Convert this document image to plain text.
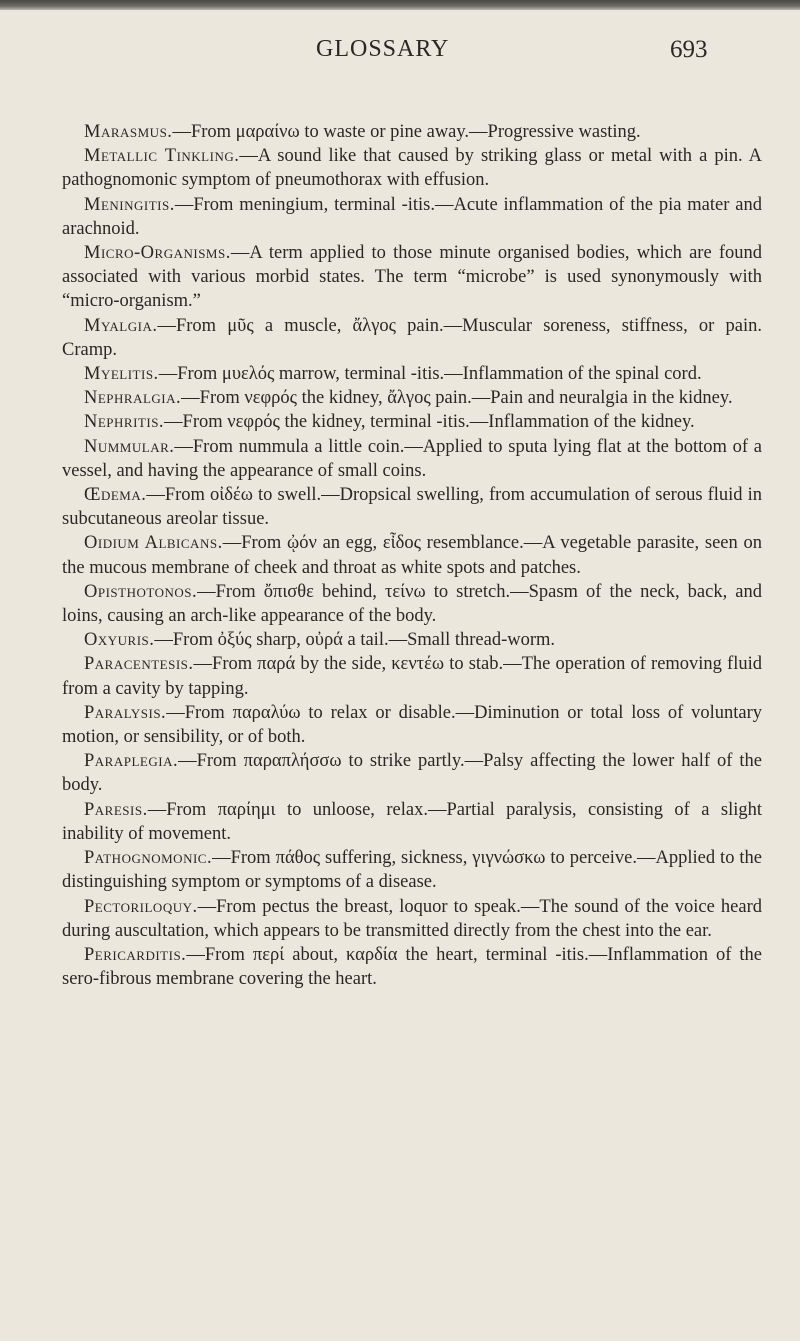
GLOSSARY	693

Marasmus.—From μαραίνω to waste or pine away.—Progressive wasting.

Metallic Tinkling.—A sound like that caused by striking glass or metal with a pin. A pathognomonic symptom of pneumothorax with effusion.

Meningitis.—From meningium, terminal -itis.—Acute inflammation of the pia mater and arachnoid.

Micro-Organisms.—A term applied to those minute organised bodies, which are found associated with various morbid states. The term “microbe” is used synonymously with “micro-organism.”

Myalgia.—From μῦς a muscle, ἄλγος pain.—Muscular soreness, stiffness, or pain. Cramp.

Myelitis.—From μυελός marrow, terminal -itis.—Inflammation of the spinal cord.

Nephralgia.—From νεφρός the kidney, ἄλγος pain.—Pain and neuralgia in the kidney.

Nephritis.—From νεφρός the kidney, terminal -itis.—Inflammation of the kidney.

Nummular.—From nummula a little coin.—Applied to sputa lying flat at the bottom of a vessel, and having the appearance of small coins.

Œdema.—From οἰδέω to swell.—Dropsical swelling, from accumulation of serous fluid in subcutaneous areolar tissue.

Oidium Albicans.—From ᾠόν an egg, εἶδος resemblance.—A vegetable parasite, seen on the mucous membrane of cheek and throat as white spots and patches.

Opisthotonos.—From ὄπισθε behind, τείνω to stretch.—Spasm of the neck, back, and loins, causing an arch-like appearance of the body.

Oxyuris.—From ὀξύς sharp, οὐρά a tail.—Small thread-worm.

Paracentesis.—From παρά by the side, κεντέω to stab.—The operation of removing fluid from a cavity by tapping.

Paralysis.—From παραλύω to relax or disable.—Diminution or total loss of voluntary motion, or sensibility, or of both.

Paraplegia.—From παραπλήσσω to strike partly.—Palsy affecting the lower half of the body.

Paresis.—From παρίημι to unloose, relax.—Partial paralysis, consisting of a slight inability of movement.

Pathognomonic.—From πάθος suffering, sickness, γιγνώσκω to perceive.—Applied to the distinguishing symptom or symptoms of a disease.

Pectoriloquy.—From pectus the breast, loquor to speak.—The sound of the voice heard during auscultation, which appears to be transmitted directly from the chest into the ear.

Pericarditis.—From περί about, καρδία the heart, terminal -itis.—Inflammation of the sero-fibrous membrane covering the heart.
